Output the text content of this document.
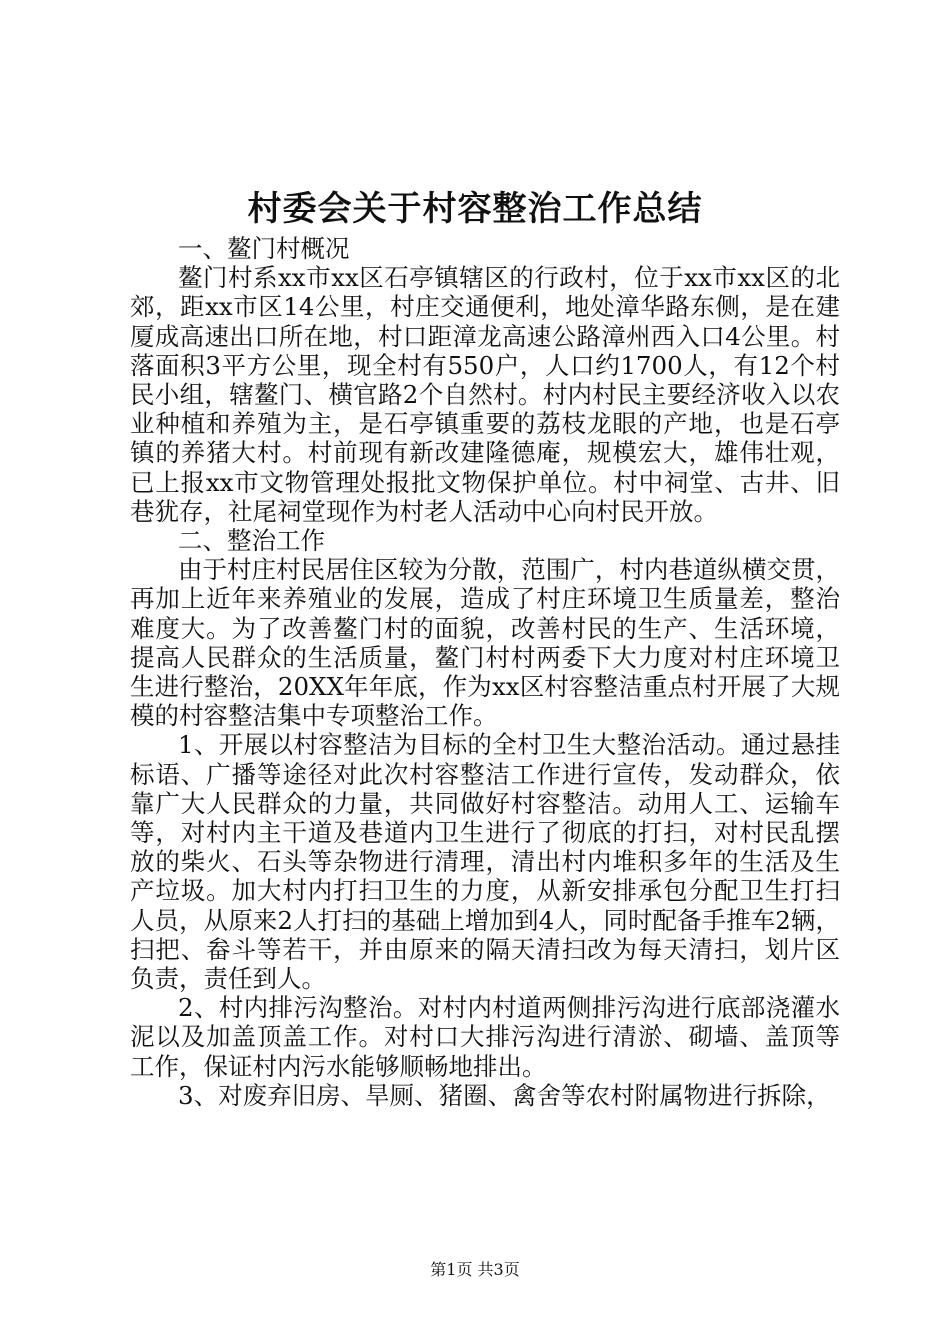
村委会关于村容整治工作总结

一、鳌门村概况

鳌门村系xx市xx区石亭镇辖区的行政村，位于xx市xx区的北郊，距xx市区14公里，村庄交通便利，地处漳华路东侧，是在建厦成高速出口所在地，村口距漳龙高速公路漳州西入口4公里。村落面积3平方公里，现全村有550户，人口约1700人，有12个村民小组，辖鳌门、横官路2个自然村。村内村民主要经济收入以农业种植和养殖为主，是石亭镇重要的荔枝龙眼的产地，也是石亭镇的养猪大村。村前现有新改建隆德庵，规模宏大，雄伟壮观，已上报xx市文物管理处报批文物保护单位。村中祠堂、古井、旧巷犹存，社尾祠堂现作为村老人活动中心向村民开放。

二、整治工作

由于村庄村民居住区较为分散，范围广，村内巷道纵横交贯，再加上近年来养殖业的发展，造成了村庄环境卫生质量差，整治难度大。为了改善鳌门村的面貌，改善村民的生产、生活环境，提高人民群众的生活质量，鳌门村村两委下大力度对村庄环境卫生进行整治，20XX年年底，作为xx区村容整洁重点村开展了大规模的村容整洁集中专项整治工作。

1、开展以村容整洁为目标的全村卫生大整治活动。通过悬挂标语、广播等途径对此次村容整洁工作进行宣传，发动群众，依靠广大人民群众的力量，共同做好村容整洁。动用人工、运输车等，对村内主干道及巷道内卫生进行了彻底的打扫，对村民乱摆放的柴火、石头等杂物进行清理，清出村内堆积多年的生活及生产垃圾。加大村内打扫卫生的力度，从新安排承包分配卫生打扫人员，从原来2人打扫的基础上增加到4人，同时配备手推车2辆，扫把、畚斗等若干，并由原来的隔天清扫改为每天清扫，划片区负责，责任到人。

2、村内排污沟整治。对村内村道两侧排污沟进行底部浇灌水泥以及加盖顶盖工作。对村口大排污沟进行清淤、砌墙、盖顶等工作，保证村内污水能够顺畅地排出。

3、对废弃旧房、旱厕、猪圈、禽舍等农村附属物进行拆除，

第1页 共3页
